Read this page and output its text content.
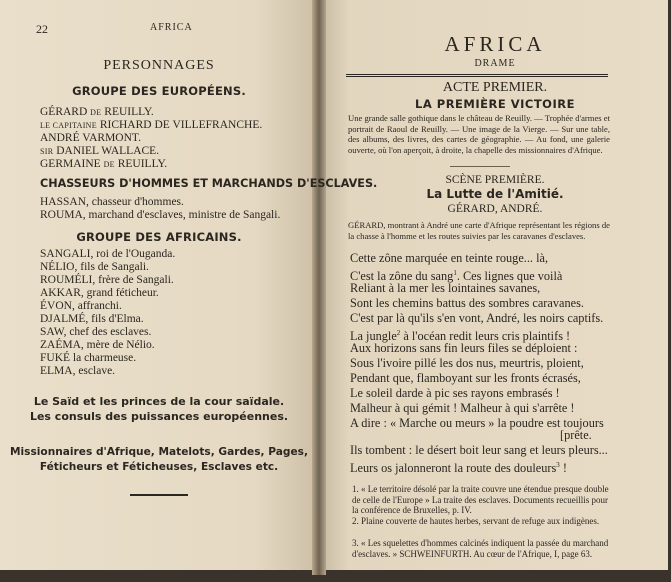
22	AFRICA
PERSONNAGES
GROUPE DES EUROPÉENS.
GÉRARD DE REUILLY.
LE CAPITAINE RICHARD DE VILLEFRANCHE.
ANDRÉ VARMONT.
SIR DANIEL WALLACE.
GERMAINE DE REUILLY.
CHASSEURS D'HOMMES ET MARCHANDS D'ESCLAVES.
HASSAN, chasseur d'hommes.
ROUMA, marchand d'esclaves, ministre de Sangali.
GROUPE DES AFRICAINS.
SANGALI, roi de l'Ouganda.
NÉLIO, fils de Sangali.
ROUMÉLI, frère de Sangali.
AKKAR, grand féticheur.
ÉVON, affranchi.
DJALMÉ, fils d'Elma.
SAW, chef des esclaves.
ZAÉMA, mère de Nélio.
FUKÉ la charmeuse.
ELMA, esclave.
Le Saïd et les princes de la cour saïdale.
Les consuls des puissances européennes.
Missionnaires d'Afrique, Matelots, Gardes, Pages,
Féticheurs et Féticheuses, Esclaves etc.
AFRICA
DRAME
ACTE PREMIER.
LA PREMIÈRE VICTOIRE
Une grande salle gothique dans le château de Reuilly. — Trophée d'armes et portrait de Raoul de Reuilly. — Une image de la Vierge. — Sur une table, des albums, des livres, des cartes de géographie. — Au fond, une galerie ouverte, où l'on aperçoit, à droite, la chapelle des missionnaires d'Afrique.
SCÈNE PREMIÈRE.
La Lutte de l'Amitié.
GÉRARD, ANDRÉ.
GÉRARD, montrant à André une carte d'Afrique représentant les régions de la chasse à l'homme et les routes suivies par les caravanes d'esclaves.
Cette zône marquée en teinte rouge... là,
C'est la zône du sang$^1$. Ces lignes que voilà
Reliant à la mer les lointaines savanes,
Sont les chemins battus des sombres caravanes.
C'est par là qu'ils s'en vont, André, les noirs captifs.
La jungle$^2$ à l'océan redit leurs cris plaintifs !
Aux horizons sans fin leurs files se déploient :
Sous l'ivoire pillé les dos nus, meurtris, ploient,
Pendant que, flamboyant sur les fronts écrasés,
Le soleil darde à pic ses rayons embrasés !
Malheur à qui gémit ! Malheur à qui s'arrête !
A dire : « Marche ou meurs » la poudre est toujours
[prête.
Ils tombent : le désert boit leur sang et leurs pleurs...
Leurs os jalonneront la route des douleurs$^3$ !
1. « Le territoire désolé par la traite couvre une étendue presque double de celle de l'Europe » La traite des esclaves. Documents recueillis pour la conférence de Bruxelles, p. IV.
2. Plaine couverte de hautes herbes, servant de refuge aux indigènes.
3. « Les squelettes d'hommes calcinés indiquent la passée du marchand d'esclaves. » SCHWEINFURTH. Au cœur de l'Afrique, I, page 63.
